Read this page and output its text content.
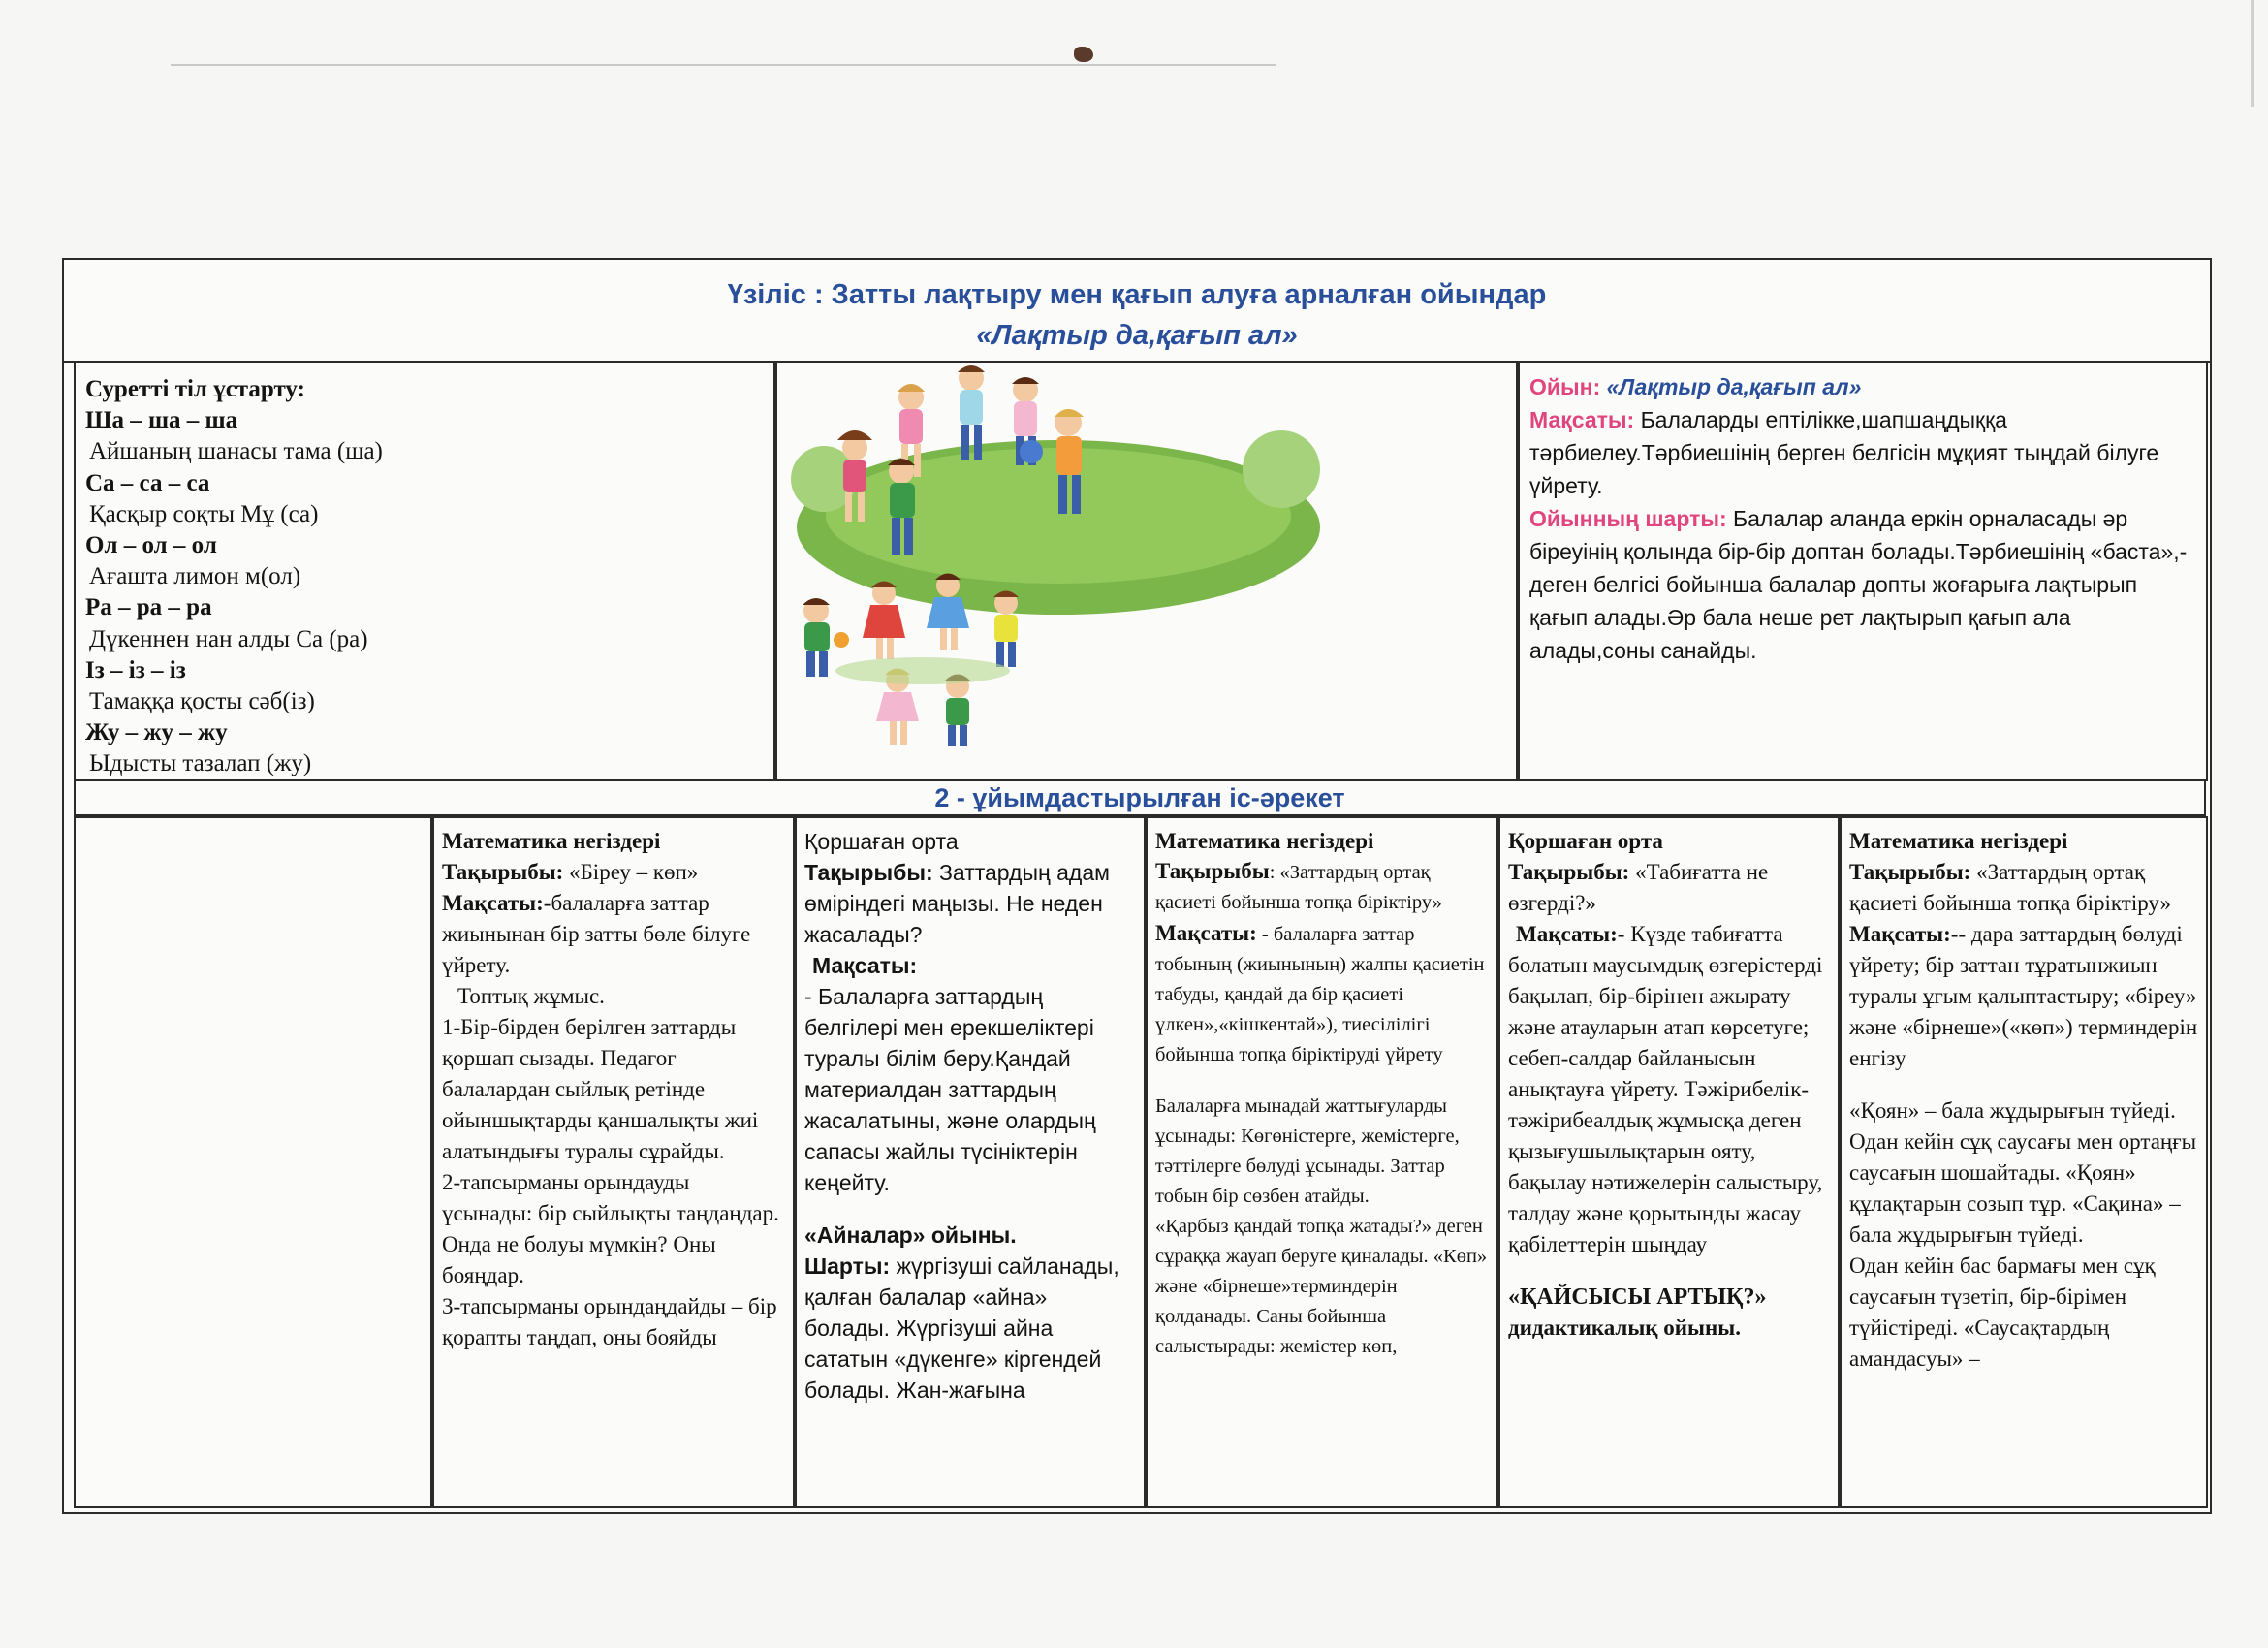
Үзіліс : Затты лақтыру мен қағып алуға арналған ойындар
«Лақтыр да,қағып ал»
Суретті тіл ұстарту:
Ша – ша – ша
Айшаның шанасы тама (ша)
Са – са – са
Қасқыр соқты Мұ (са)
Ол – ол – ол
Ағашта лимон м(ол)
Ра – ра – ра
Дүкеннен нан алды Са (ра)
Із – із – із
Тамаққа қосты сәб(із)
Жу – жу – жу
Ыдысты тазалап (жу)
Ойын: «Лақтыр да,қағып ал»
Мақсаты: Балаларды ептілікке,шапшаңдыққа тәрбиелеу.Тәрбиешінің берген белгісін мұқият тыңдай білуге үйрету.
Ойынның шарты: Балалар аланда еркін орналасады әр біреуінің қолында бір-бір доптан болады.Тәрбиешінің «баста»,- деген белгісі бойынша балалар допты жоғарыға лақтырып қағып алады.Әр бала неше рет лақтырып қағып ала алады,соны санайды.
2 - ұйымдастырылған іс-әрекет
Математика негіздері
Тақырыбы: «Біреу – көп»
Мақсаты:-балаларға заттар жиынынан бір затты бөле білуге үйрету.
Топтық жұмыс.
1-Бір-бірден берілген заттарды қоршап сызады. Педагог балалардан сыйлық ретінде ойыншықтарды қаншалықты жиі алатындығы туралы сұрайды.
2-тапсырманы орындауды ұсынады: бір сыйлықты таңдаңдар. Онда не болуы мүмкін? Оны бояңдар.
3-тапсырманы орындаңдайды – бір қорапты таңдап, оны бояйды
Қоршаған орта
Тақырыбы: Заттардың адам өміріндегі маңызы. Не неден жасалады?
Мақсаты:
- Балаларға заттардың белгілері мен ерекшеліктері туралы білім беру.Қандай материалдан заттардың жасалатыны, және олардың сапасы жайлы түсініктерін кеңейту.
«Айналар» ойыны.
Шарты: жүргізуші сайланады, қалған балалар «айна» болады. Жүргізуші айна сататын «дүкенге» кіргендей болады. Жан-жағына
Математика негіздері
Тақырыбы: «Заттардың ортақ қасиеті бойынша топқа біріктіру»
Мақсаты: - балаларға заттар тобының (жиынының) жалпы қасиетін табуды, қандай да бір қасиеті үлкен»,«кішкентай»), тиесілілігі бойынша топқа біріктіруді үйрету
Балаларға мынадай жаттығуларды ұсынады: Көгөністерге, жемістерге, тәттілерге бөлуді ұсынады. Заттар тобын бір сөзбен атайды.
«Қарбыз қандай топқа жатады?» деген сұраққа жауап беруге қиналады. «Көп» және «бірнеше»терминдерін қолданады. Саны бойынша салыстырады: жемістер көп,
Қоршаған орта
Тақырыбы: «Табиғатта не өзгерді?»
Мақсаты:- Күзде табиғатта болатын маусымдық өзгерістерді бақылап, бір-бірінен ажырату және атауларын атап көрсетуге; себеп-салдар байланысын анықтауға үйрету. Тәжірибелік-тәжірибеалдық жұмысқа деген қызығушылықтарын ояту, бақылау нәтижелерін салыстыру, талдау және қорытынды жасау қабілеттерін шыңдау
«ҚАЙСЫСЫ АРТЫҚ?»
дидактикалық ойыны.
Математика негіздері
Тақырыбы: «Заттардың ортақ қасиеті бойынша топқа біріктіру»
Мақсаты:-- дара заттардың бөлуді үйрету; бір заттан тұратынжиын туралы ұғым қалыптастыру; «біреу» және «бірнеше»(«көп») терминдерін енгізу
«Қоян» – бала жұдырығын түйеді. Одан кейін сұқ саусағы мен ортаңғы саусағын шошайтады. «Қоян» құлақтарын созып тұр. «Сақина» – бала жұдырығын түйеді.
Одан кейін бас бармағы мен сұқ саусағын түзетіп, бір-бірімен түйістіреді. «Саусақтардың амандасуы» –
